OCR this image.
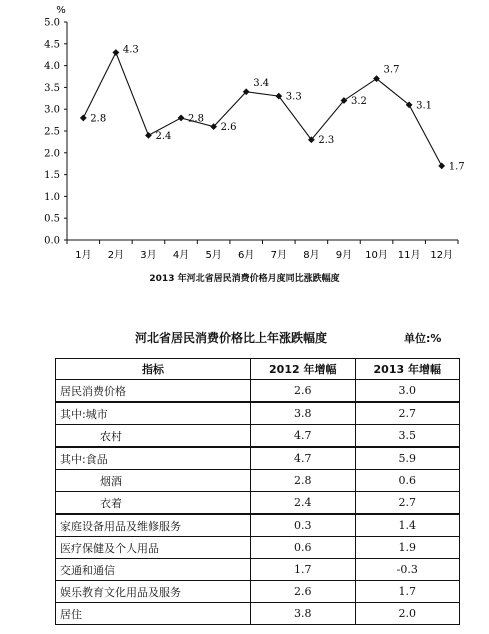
%
0.0
0.5
1.0
1.5
2.0
2.5
3.0
3.5
4.0
4.5
5.0
1月 2月 3月 4月 5月 6月 7月 8月 9月 10月 11月 12月
2.8
4.3
2.4
2.8
2.6
3.4
3.3
2.3
3.2
3.7
3.1
1.7
2013 年河北省居民消费价格月度同比涨跌幅度
河北省居民消费价格比上年涨跌幅度	单位:%
指标	2012 年增幅	2013 年增幅
居民消费价格	2.6	3.0
其中:城市	3.8	2.7
农村	4.7	3.5
其中:食品	4.7	5.9
烟酒	2.8	0.6
衣着	2.4	2.7
家庭设备用品及维修服务	0.3	1.4
医疗保健及个人用品	0.6	1.9
交通和通信	1.7	-0.3
娱乐教育文化用品及服务	2.6	1.7
居住	3.8	2.0
